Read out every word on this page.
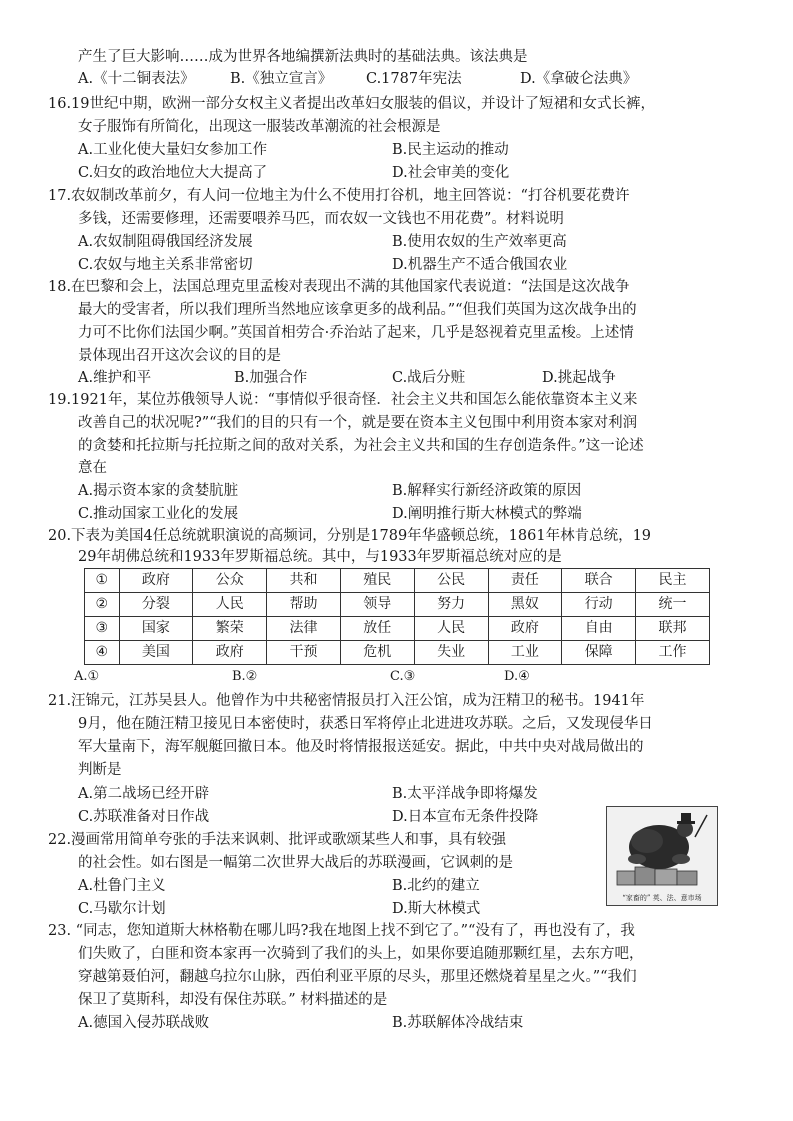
产生了巨大影响……成为世界各地编撰新法典时的基础法典。该法典是
A.《十二铜表法》 B.《独立宣言》 C.1787年宪法	D.《拿破仑法典》
16.19世纪中期，欧洲一部分女权主义者提出改革妇女服装的倡议，并设计了短裙和女式长裤，
女子服饰有所简化，出现这一服装改革潮流的社会根源是
A.工业化使大量妇女参加工作	B.民主运动的推动
C.妇女的政治地位大大提高了	D.社会审美的变化
17.农奴制改革前夕，有人问一位地主为什么不使用打谷机，地主回答说：“打谷机要花费许
多钱，还需要修理，还需要喂养马匹，而农奴一文钱也不用花费”。材料说明
A.农奴制阻碍俄国经济发展	B.使用农奴的生产效率更高
C.农奴与地主关系非常密切	D.机器生产不适合俄国农业
18.在巴黎和会上，法国总理克里孟梭对表现出不满的其他国家代表说道：“法国是这次战争
最大的受害者，所以我们理所当然地应该拿更多的战利品。”“但我们英国为这次战争出的
力可不比你们法国少啊。”英国首相劳合·乔治站了起来，几乎是怒视着克里孟梭。上述情
景体现出召开这次会议的目的是
A.维护和平	B.加强合作	C.战后分赃	D.挑起战争
19.1921年，某位苏俄领导人说：“事情似乎很奇怪．社会主义共和国怎么能依靠资本主义来
改善自己的状况呢?”“我们的目的只有一个，就是要在资本主义包围中利用资本家对利润
的贪婪和托拉斯与托拉斯之间的敌对关系，为社会主义共和国的生存创造条件。”这一论述
意在
A.揭示资本家的贪婪肮脏	B.解释实行新经济政策的原因
C.推动国家工业化的发展	D.阐明推行斯大林模式的弊端
20.下表为美国4任总统就职演说的高频词，分别是1789年华盛顿总统，1861年林肯总统，19
29年胡佛总统和1933年罗斯福总统。其中，与1933年罗斯福总统对应的是
①	政府	公众	共和	殖民	公民	责任	联合	民主
②	分裂	人民	帮助	领导	努力	黑奴	行动	统一
③	国家	繁荣	法律	放任	人民	政府	自由	联邦
④	美国	政府	干预	危机	失业	工业	保障	工作
A.①	B.②	C.③	D.④
21.汪锦元，江苏吴县人。他曾作为中共秘密情报员打入汪公馆，成为汪精卫的秘书。1941年
9月，他在随汪精卫接见日本密使时，获悉日军将停止北进进攻苏联。之后，又发现侵华日
军大量南下，海军舰艇回撤日本。他及时将情报报送延安。据此，中共中央对战局做出的
判断是
A.第二战场已经开辟	B.太平洋战争即将爆发
C.苏联准备对日作战	D.日本宣布无条件投降
22.漫画常用简单夸张的手法来讽刺、批评或歌颂某些人和事，具有较强
的社会性。如右图是一幅第二次世界大战后的苏联漫画，它讽刺的是
A.杜鲁门主义	B.北约的建立
C.马歇尔计划	D.斯大林模式
“家畜的” 英、法、意市场
23. “同志，您知道斯大林格勒在哪儿吗?我在地图上找不到它了。”“没有了，再也没有了，我
们失败了，白匪和资本家再一次骑到了我们的头上，如果你要追随那颗红星，去东方吧，
穿越第聂伯河，翻越乌拉尔山脉，西伯利亚平原的尽头，那里还燃烧着星星之火。”“我们
保卫了莫斯科，却没有保住苏联。” 材料描述的是
A.德国入侵苏联战败	B.苏联解体冷战结束
